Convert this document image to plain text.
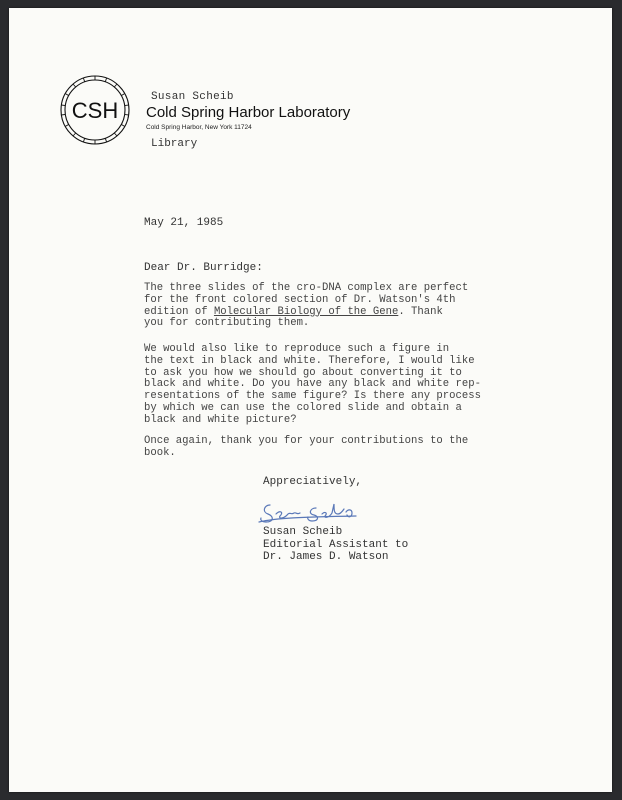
CSH
Susan Scheib
Cold Spring Harbor Laboratory
Cold Spring Harbor, New York 11724
Library
May 21, 1985
Dear Dr. Burridge:
The three slides of the cro-DNA complex are perfect
for the front colored section of Dr. Watson's 4th
edition of Molecular Biology of the Gene. Thank
you for contributing them.
We would also like to reproduce such a figure in
the text in black and white. Therefore, I would like
to ask you how we should go about converting it to
black and white. Do you have any black and white rep-
resentations of the same figure? Is there any process
by which we can use the colored slide and obtain a
black and white picture?
Once again, thank you for your contributions to the
book.
Appreciatively,
Susan Scheib
Editorial Assistant to
Dr. James D. Watson
